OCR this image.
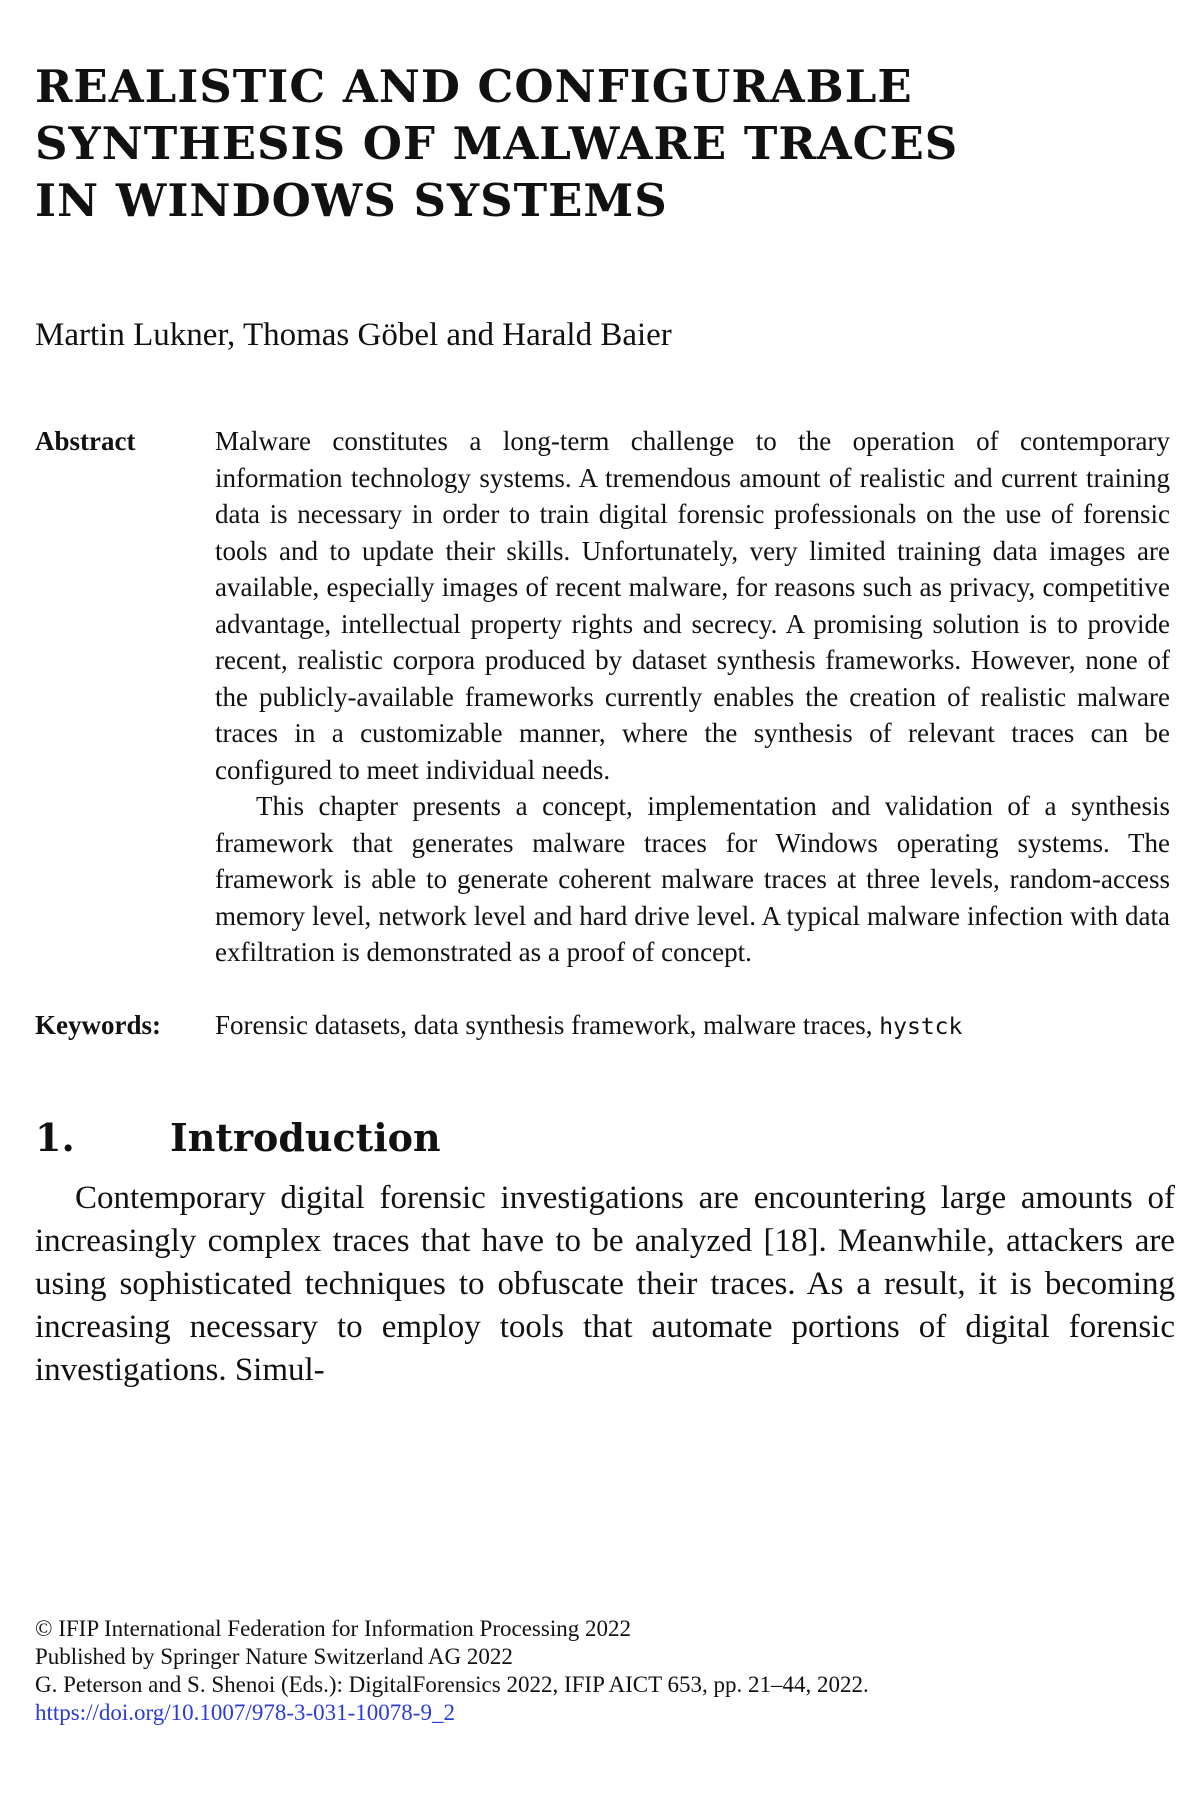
REALISTIC AND CONFIGURABLE
SYNTHESIS OF MALWARE TRACES
IN WINDOWS SYSTEMS
Martin Lukner, Thomas Göbel and Harald Baier
Abstract	Malware constitutes a long-term challenge to the operation of contemporary information technology systems. A tremendous amount of realistic and current training data is necessary in order to train digital forensic professionals on the use of forensic tools and to update their skills. Unfortunately, very limited training data images are available, especially images of recent malware, for reasons such as privacy, competitive advantage, intellectual property rights and secrecy. A promising solution is to provide recent, realistic corpora produced by dataset synthesis frameworks. However, none of the publicly-available frameworks currently enables the creation of realistic malware traces in a customizable manner, where the synthesis of relevant traces can be configured to meet individual needs.

This chapter presents a concept, implementation and validation of a synthesis framework that generates malware traces for Windows operating systems. The framework is able to generate coherent malware traces at three levels, random-access memory level, network level and hard drive level. A typical malware infection with data exfiltration is demonstrated as a proof of concept.

Keywords:	Forensic datasets, data synthesis framework, malware traces, hystck
1.	Introduction
Contemporary digital forensic investigations are encountering large amounts of increasingly complex traces that have to be analyzed [18]. Meanwhile, attackers are using sophisticated techniques to obfuscate their traces. As a result, it is becoming increasing necessary to employ tools that automate portions of digital forensic investigations. Simul-
© IFIP International Federation for Information Processing 2022
Published by Springer Nature Switzerland AG 2022
G. Peterson and S. Shenoi (Eds.): DigitalForensics 2022, IFIP AICT 653, pp. 21–44, 2022.
https://doi.org/10.1007/978-3-031-10078-9_2
